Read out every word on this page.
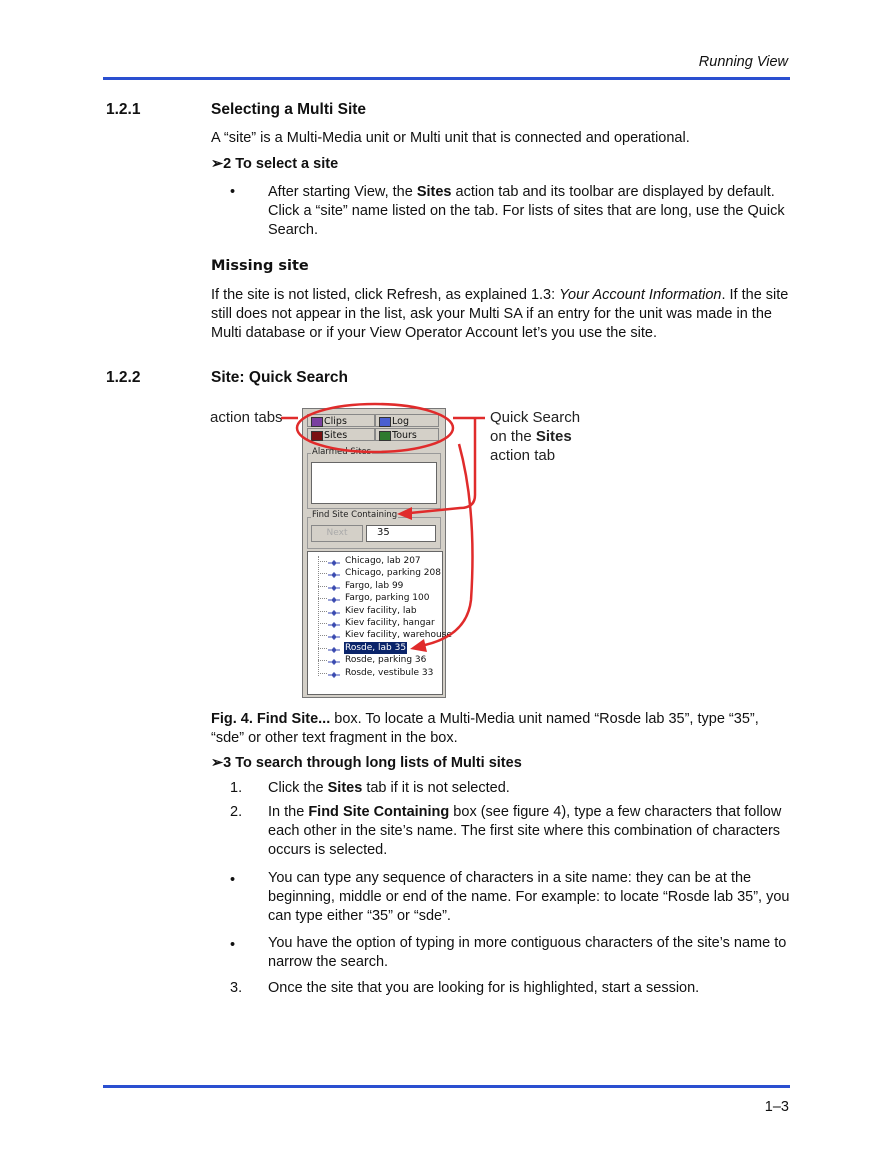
Running View
1.2.1	Selecting a Multi Site
A “site” is a Multi-Media unit or Multi unit that is connected and operational.
➢2 To select a site
• After starting View, the Sites action tab and its toolbar are displayed by default. Click a “site” name listed on the tab. For lists of sites that are long, use the Quick Search.
Missing site
If the site is not listed, click Refresh, as explained 1.3: Your Account Information. If the site still does not appear in the list, ask your Multi SA if an entry for the unit was made in the Multi database or if your View Operator Account let’s you use the site.
1.2.2	Site: Quick Search
action tabs	Quick Search
on the Sites
action tab
Clips	Log
Sites	Tours
Alarmed Sites
Find Site Containing
Next	35
Chicago, lab 207
Chicago, parking 208
Fargo, lab 99
Fargo, parking 100
Kiev facility, lab
Kiev facility, hangar
Kiev facility, warehouse
Rosde, lab 35
Rosde, parking 36
Rosde, vestibule 33
Fig. 4. Find Site... box. To locate a Multi-Media unit named “Rosde lab 35”, type “35”, “sde” or other text fragment in the box.
➢3 To search through long lists of Multi sites
1. Click the Sites tab if it is not selected.
2. In the Find Site Containing box (see figure 4), type a few characters that follow each other in the site’s name. The first site where this combination of characters occurs is selected.
• You can type any sequence of characters in a site name: they can be at the beginning, middle or end of the name. For example: to locate “Rosde lab 35”, you can type either “35” or “sde”.
• You have the option of typing in more contiguous characters of the site’s name to narrow the search.
3. Once the site that you are looking for is highlighted, start a session.
1–3
